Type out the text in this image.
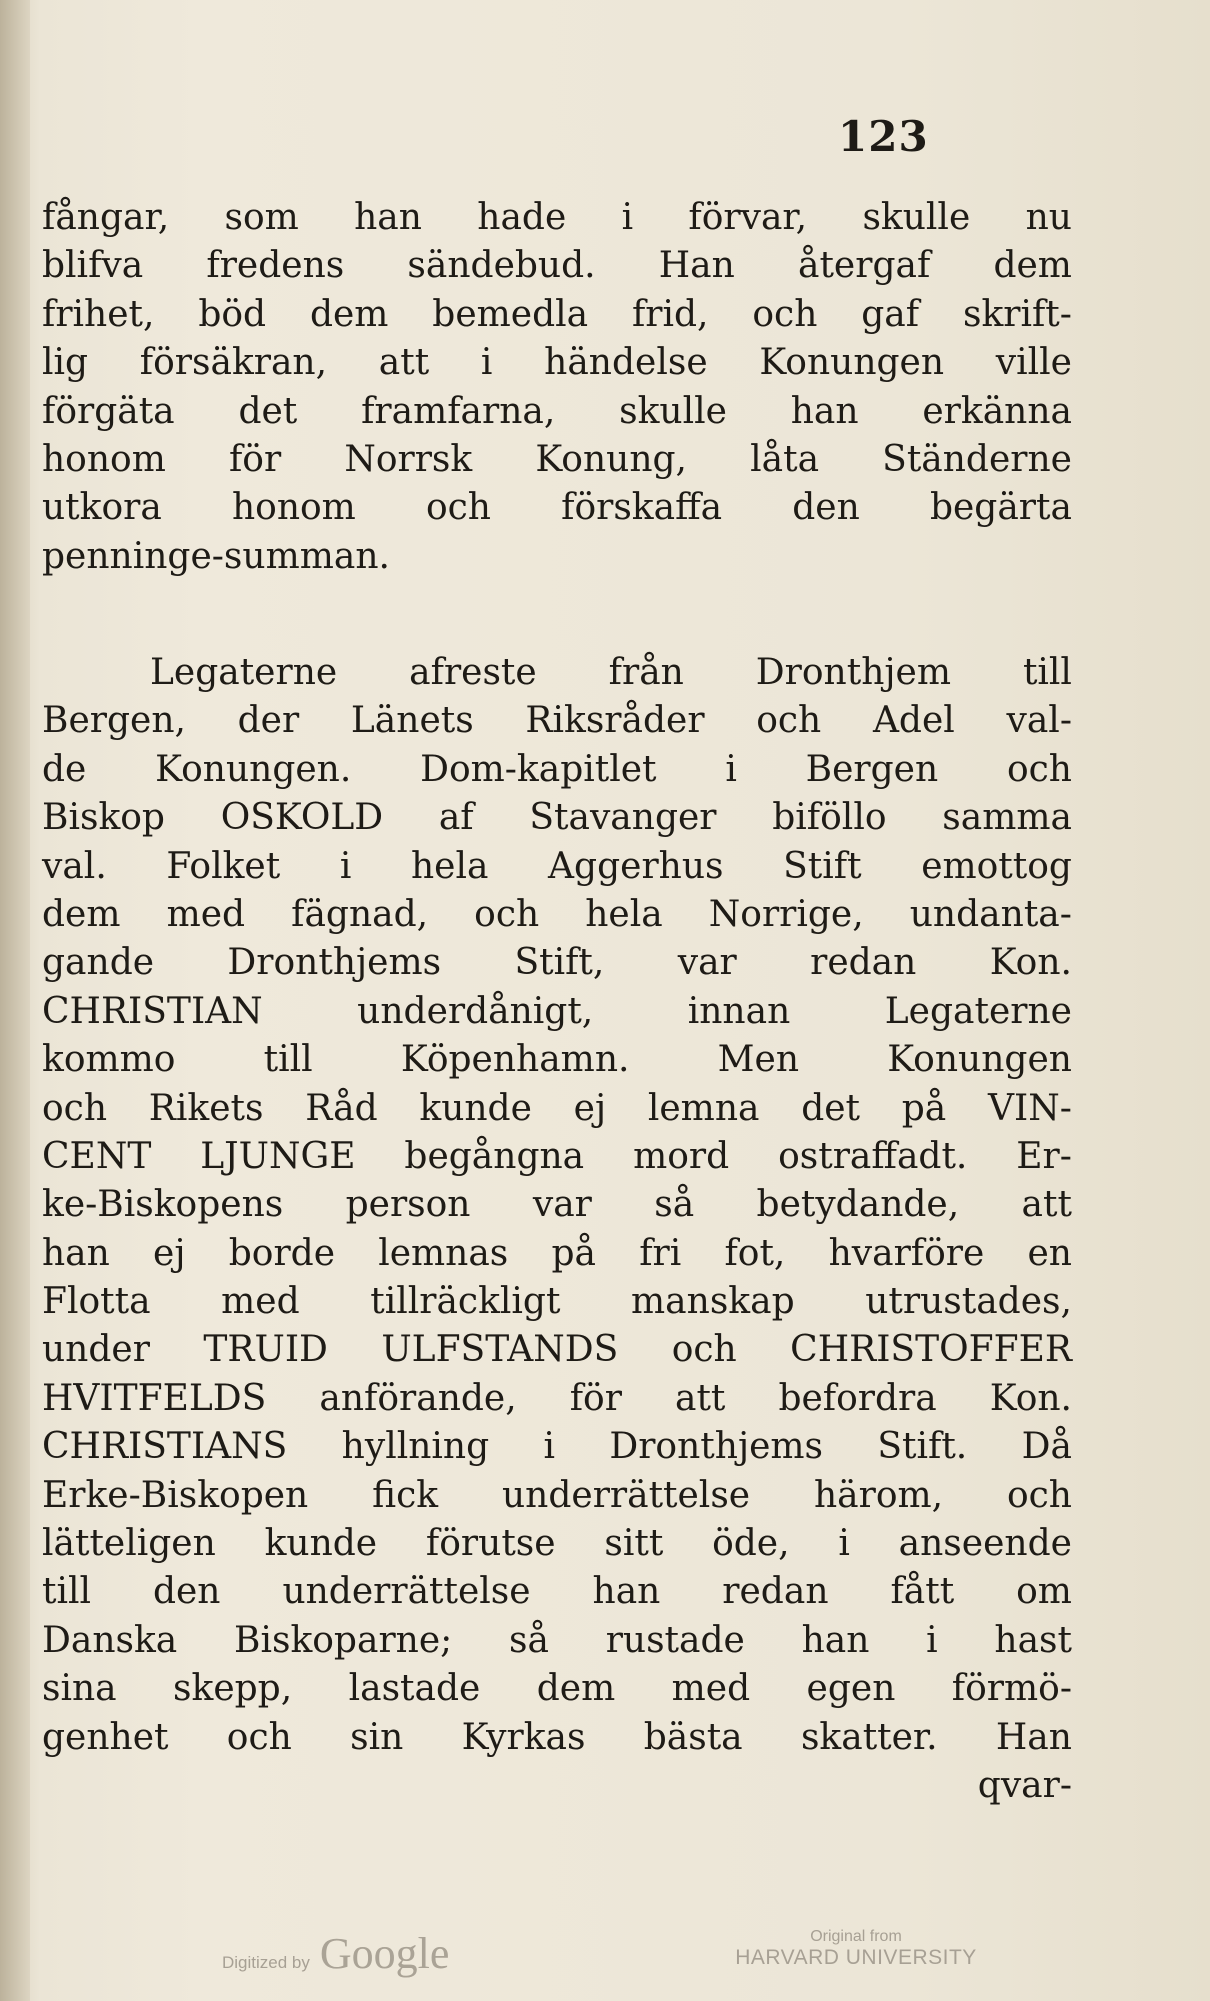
123
fångar, som han hade i förvar, skulle nu
blifva fredens sändebud. Han återgaf dem
frihet, böd dem bemedla frid, och gaf skrift-
lig försäkran, att i händelse Konungen ville
förgäta det framfarna, skulle han erkänna
honom för Norrsk Konung, låta Ständerne
utkora honom och förskaffa den begärta
penninge-summan.
Legaterne afreste från Dronthjem till
Bergen, der Länets Riksråder och Adel val-
de Konungen. Dom-kapitlet i Bergen och
Biskop OSKOLD af Stavanger biföllo samma
val. Folket i hela Aggerhus Stift emottog
dem med fägnad, och hela Norrige, undanta-
gande Dronthjems Stift, var redan Kon.
CHRISTIAN	underdånigt,	innan	Legaterne
kommo till Köpenhamn. Men Konungen
och Rikets Råd kunde ej lemna det på VIN-
CENT LJUNGE begångna mord ostraffadt. Er-
ke-Biskopens person var så betydande, att
han ej borde lemnas på fri fot, hvarföre en
Flotta med tillräckligt manskap utrustades,
under TRUID ULFSTANDS och CHRISTOFFER
HVITFELDS anförande, för att befordra Kon.
CHRISTIANS hyllning i Dronthjems Stift. Då
Erke-Biskopen fick underrättelse härom, och
lätteligen kunde förutse sitt öde, i anseende
till den underrättelse han redan fått om
Danska Biskoparne; så rustade han i hast
sina skepp, lastade dem med egen förmö-
genhet och sin Kyrkas bästa skatter. Han
qvar-
Digitized by Google	Original from
HARVARD UNIVERSITY
